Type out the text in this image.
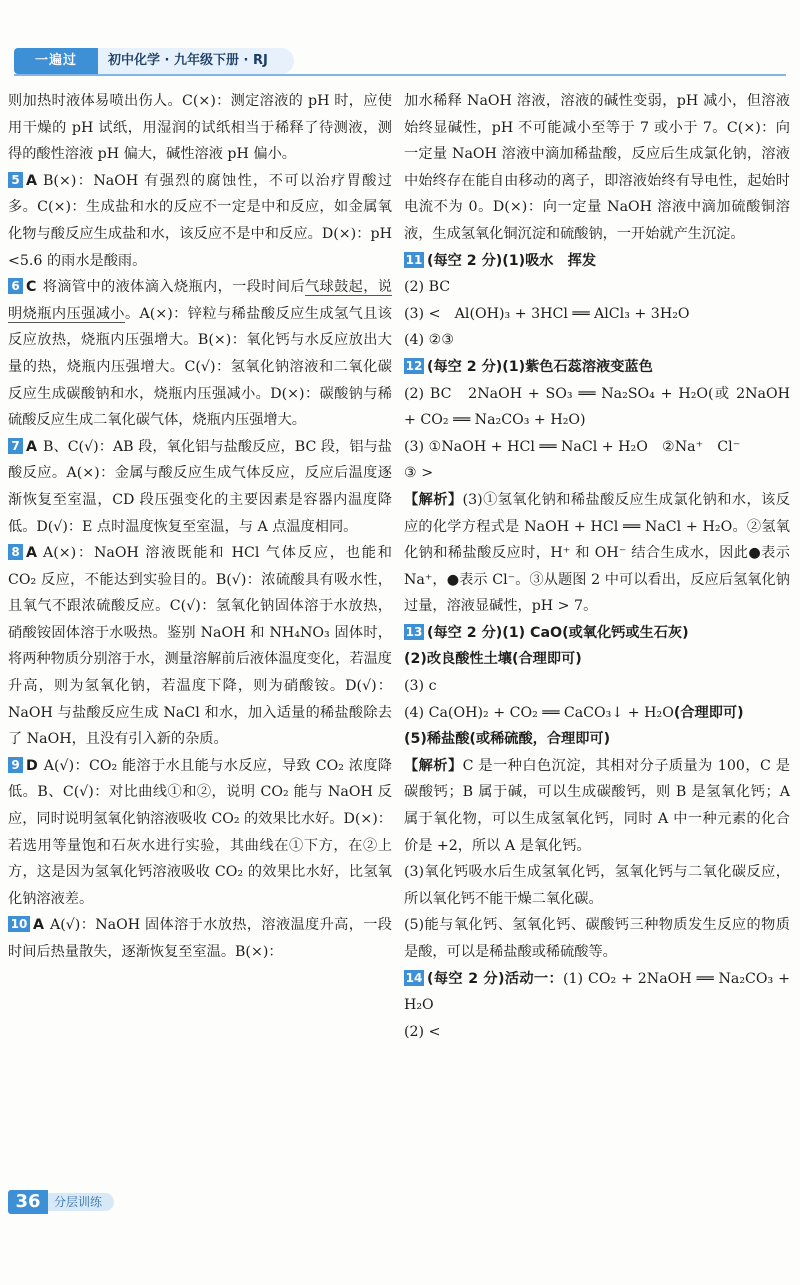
一遍过	初中化学 · 九年级下册 · RJ

则加热时液体易喷出伤人。C(×)：测定溶液的 pH 时，应使用干燥的 pH 试纸，用湿润的试纸相当于稀释了待测液，测得的酸性溶液 pH 偏大，碱性溶液 pH 偏小。

5 A B(×)：NaOH 有强烈的腐蚀性，不可以治疗胃酸过多。C(×)：生成盐和水的反应不一定是中和反应，如金属氧化物与酸反应生成盐和水，该反应不是中和反应。D(×)：pH <5.6 的雨水是酸雨。

6 C 将滴管中的液体滴入烧瓶内，一段时间后气球鼓起，说明烧瓶内压强减小。A(×)：锌粒与稀盐酸反应生成氢气且该反应放热，烧瓶内压强增大。B(×)：氧化钙与水反应放出大量的热，烧瓶内压强增大。C(√)：氢氧化钠溶液和二氧化碳反应生成碳酸钠和水，烧瓶内压强减小。D(×)：碳酸钠与稀硫酸反应生成二氧化碳气体，烧瓶内压强增大。

7 A B、C(√)：AB 段，氧化铝与盐酸反应，BC 段，铝与盐酸反应。A(×)：金属与酸反应生成气体反应，反应后温度逐渐恢复至室温，CD 段压强变化的主要因素是容器内温度降低。D(√)：E 点时温度恢复至室温，与 A 点温度相同。

8 A A(×)：NaOH 溶液既能和 HCl 气体反应，也能和 CO₂ 反应，不能达到实验目的。B(√)：浓硫酸具有吸水性，且氧气不跟浓硫酸反应。C(√)：氢氧化钠固体溶于水放热，硝酸铵固体溶于水吸热。鉴别 NaOH 和 NH₄NO₃ 固体时，将两种物质分别溶于水，测量溶解前后液体温度变化，若温度升高，则为氢氧化钠，若温度下降，则为硝酸铵。D(√)：NaOH 与盐酸反应生成 NaCl 和水，加入适量的稀盐酸除去了 NaOH，且没有引入新的杂质。

9 D A(√)：CO₂ 能溶于水且能与水反应，导致 CO₂ 浓度降低。B、C(√)：对比曲线①和②，说明 CO₂ 能与 NaOH 反应，同时说明氢氧化钠溶液吸收 CO₂ 的效果比水好。D(×)：若选用等量饱和石灰水进行实验，其曲线在①下方，在②上方，这是因为氢氧化钙溶液吸收 CO₂ 的效果比水好，比氢氧化钠溶液差。

10 A A(√)：NaOH 固体溶于水放热，溶液温度升高，一段时间后热量散失，逐渐恢复至室温。B(×)：

加水稀释 NaOH 溶液，溶液的碱性变弱，pH 减小，但溶液始终显碱性，pH 不可能减小至等于 7 或小于 7。C(×)：向一定量 NaOH 溶液中滴加稀盐酸，反应后生成氯化钠，溶液中始终存在能自由移动的离子，即溶液始终有导电性，起始时电流不为 0。D(×)：向一定量 NaOH 溶液中滴加硫酸铜溶液，生成氢氧化铜沉淀和硫酸钠，一开始就产生沉淀。

11 (每空 2 分)(1)吸水　挥发

(2) BC

(3) <　Al(OH)₃ + 3HCl ══ AlCl₃ + 3H₂O

(4) ②③

12 (每空 2 分)(1)紫色石蕊溶液变蓝色

(2) BC　2NaOH + SO₃ ══ Na₂SO₄ + H₂O(或 2NaOH + CO₂ ══ Na₂CO₃ + H₂O)

(3) ①NaOH + HCl ══ NaCl + H₂O　②Na⁺　Cl⁻

③ >

【解析】(3)①氢氧化钠和稀盐酸反应生成氯化钠和水，该反应的化学方程式是 NaOH + HCl ══ NaCl + H₂O。②氢氧化钠和稀盐酸反应时，H⁺ 和 OH⁻ 结合生成水，因此●表示 Na⁺，●表示 Cl⁻。③从题图 2 中可以看出，反应后氢氧化钠过量，溶液显碱性，pH > 7。

13 (每空 2 分)(1) CaO(或氧化钙或生石灰)

(2)改良酸性土壤(合理即可)

(3) c

(4) Ca(OH)₂ + CO₂ ══ CaCO₃↓ + H₂O(合理即可)

(5)稀盐酸(或稀硫酸，合理即可)

【解析】C 是一种白色沉淀，其相对分子质量为 100，C 是碳酸钙；B 属于碱，可以生成碳酸钙，则 B 是氢氧化钙；A 属于氧化物，可以生成氢氧化钙，同时 A 中一种元素的化合价是 +2，所以 A 是氧化钙。

(3)氧化钙吸水后生成氢氧化钙，氢氧化钙与二氧化碳反应，所以氧化钙不能干燥二氧化碳。

(5)能与氧化钙、氢氧化钙、碳酸钙三种物质发生反应的物质是酸，可以是稀盐酸或稀硫酸等。

14 (每空 2 分)活动一：(1) CO₂ + 2NaOH ══ Na₂CO₃ + H₂O

(2) <

36	分层训练
